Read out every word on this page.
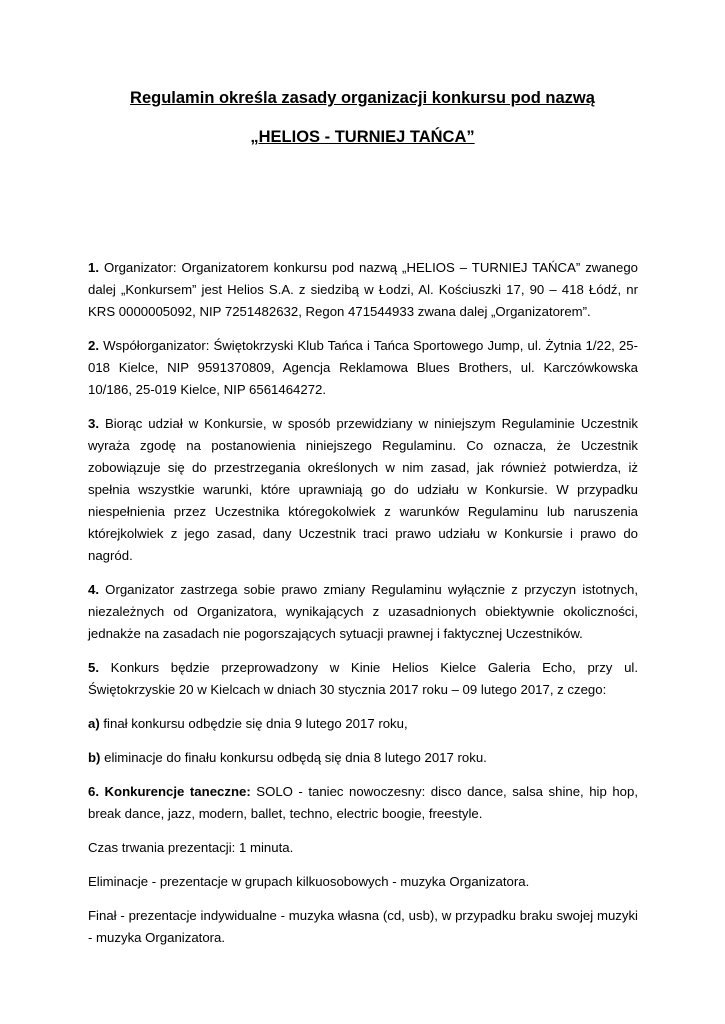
Regulamin określa zasady organizacji konkursu pod nazwą
„HELIOS - TURNIEJ TAŃCA”

1. Organizator: Organizatorem konkursu pod nazwą „HELIOS – TURNIEJ TAŃCA” zwanego dalej „Konkursem” jest Helios S.A. z siedzibą w Łodzi, Al. Kościuszki 17, 90 – 418 Łódź, nr KRS 0000005092, NIP 7251482632, Regon 471544933 zwana dalej „Organizatorem”.

2. Współorganizator: Świętokrzyski Klub Tańca i Tańca Sportowego Jump, ul. Żytnia 1/22, 25-018 Kielce, NIP 9591370809, Agencja Reklamowa Blues Brothers, ul. Karczówkowska 10/186, 25-019 Kielce, NIP 6561464272.

3. Biorąc udział w Konkursie, w sposób przewidziany w niniejszym Regulaminie Uczestnik wyraża zgodę na postanowienia niniejszego Regulaminu. Co oznacza, że Uczestnik zobowiązuje się do przestrzegania określonych w nim zasad, jak również potwierdza, iż spełnia wszystkie warunki, które uprawniają go do udziału w Konkursie. W przypadku niespełnienia przez Uczestnika któregokolwiek z warunków Regulaminu lub naruszenia którejkolwiek z jego zasad, dany Uczestnik traci prawo udziału w Konkursie i prawo do nagród.

4. Organizator zastrzega sobie prawo zmiany Regulaminu wyłącznie z przyczyn istotnych, niezależnych od Organizatora, wynikających z uzasadnionych obiektywnie okoliczności, jednakże na zasadach nie pogorszających sytuacji prawnej i faktycznej Uczestników.

5. Konkurs będzie przeprowadzony w Kinie Helios Kielce Galeria Echo, przy ul. Świętokrzyskie 20 w Kielcach w dniach 30 stycznia 2017 roku – 09 lutego 2017, z czego:

a) finał konkursu odbędzie się dnia 9 lutego 2017 roku,

b) eliminacje do finału konkursu odbędą się dnia 8 lutego 2017 roku.

6. Konkurencje taneczne: SOLO - taniec nowoczesny: disco dance, salsa shine, hip hop, break dance, jazz, modern, ballet, techno, electric boogie, freestyle.

Czas trwania prezentacji: 1 minuta.

Eliminacje - prezentacje w grupach kilkuosobowych - muzyka Organizatora.

Finał - prezentacje indywidualne - muzyka własna (cd, usb), w przypadku braku swojej muzyki - muzyka Organizatora.
